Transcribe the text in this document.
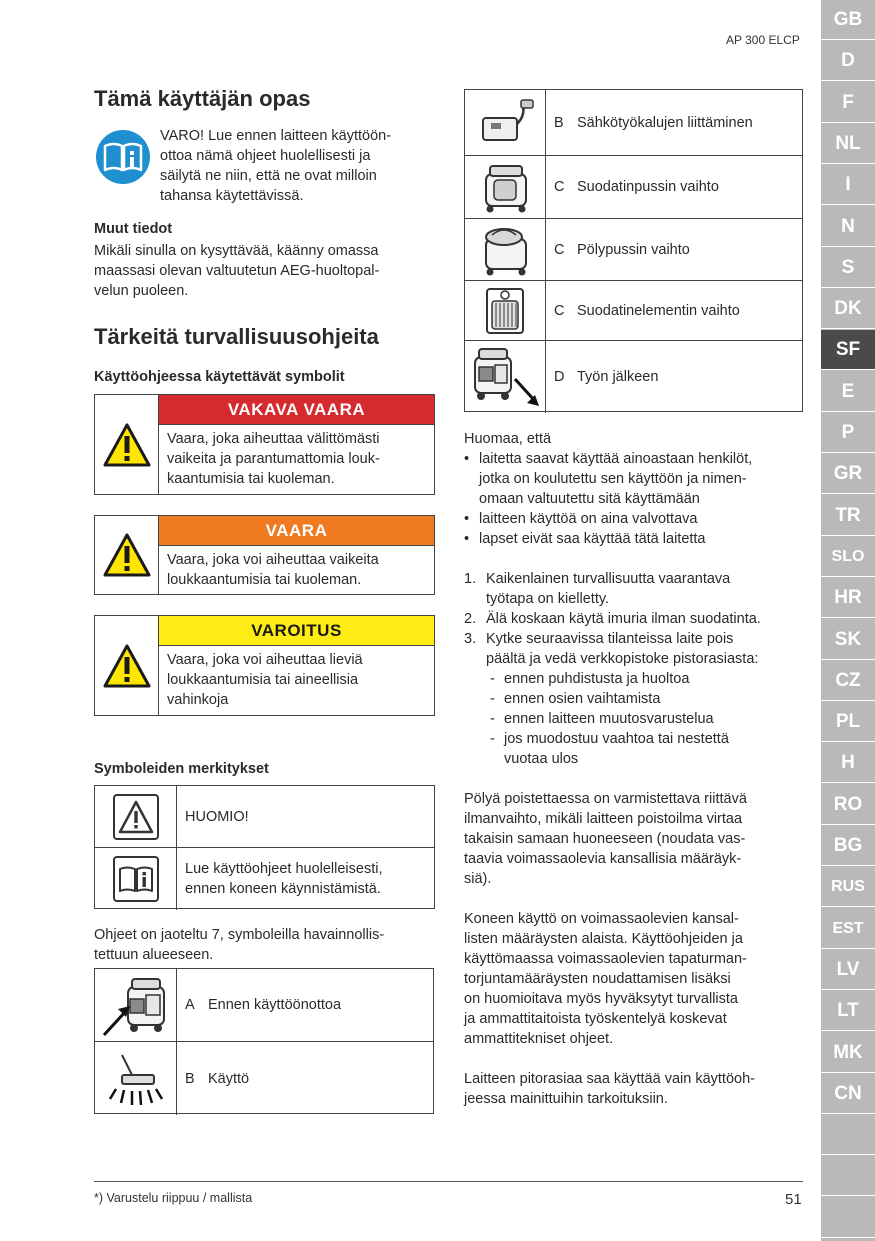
GB
D
F
NL
I
N
S
DK
SF
E
P
GR
TR
SLO
HR
SK
CZ
PL
H
RO
BG
RUS
EST
LV
LT
MK
CN
AP 300 ELCP
Tämä käyttäjän opas
VARO! Lue ennen laitteen käyttöön-
ottoa nämä ohjeet huolellisesti ja
säilytä ne niin, että ne ovat milloin
tahansa käytettävissä.
Muut tiedot
Mikäli sinulla on kysyttävää, käänny omassa
maassasi olevan valtuutetun AEG-huoltopal-
velun puoleen.
Tärkeitä turvallisuusohjeita
Käyttöohjeessa käytettävät symbolit
VAKAVA VAARA
Vaara, joka aiheuttaa välittömästi
vaikeita ja parantumattomia louk-
kaantumisia tai kuoleman.
VAARA
Vaara, joka voi aiheuttaa vaikeita
loukkaantumisia tai kuoleman.
VAROITUS
Vaara, joka voi aiheuttaa lieviä
loukkaantumisia tai aineellisia
vahinkoja
Symboleiden merkitykset
HUOMIO!
Lue käyttöohjeet huolelleisesti,
ennen koneen käynnistämistä.
Ohjeet on jaoteltu 7, symboleilla havainnollis-
tettuun alueeseen.
A Ennen käyttöönottoa
B Käyttö
B Sähkötyökalujen liittäminen
C Suodatinpussin vaihto
C Pölypussin vaihto
C Suodatinelementin vaihto
D Työn jälkeen
Huomaa, että
• laitetta saavat käyttää ainoastaan henkilöt,
jotka on koulutettu sen käyttöön ja nimen-
omaan valtuutettu sitä käyttämään
• laitteen käyttöä on aina valvottava
• lapset eivät saa käyttää tätä laitetta
1. Kaikenlainen turvallisuutta vaarantava
työtapa on kielletty.
2. Älä koskaan käytä imuria ilman suodatinta.
3. Kytke seuraavissa tilanteissa laite pois
päältä ja vedä verkkopistoke pistorasiasta:
- ennen puhdistusta ja huoltoa
- ennen osien vaihtamista
- ennen laitteen muutosvarustelua
- jos muodostuu vaahtoa tai nestettä
vuotaa ulos
Pölyä poistettaessa on varmistettava riittävä
ilmanvaihto, mikäli laitteen poistoilma virtaa
takaisin samaan huoneeseen (noudata vas-
taavia voimassaolevia kansallisia määräyk-
siä).
Koneen käyttö on voimassaolevien kansal-
listen määräysten alaista. Käyttöohjeiden ja
käyttömaassa voimassaolevien tapaturman-
torjuntamääräysten noudattamisen lisäksi
on huomioitava myös hyväksytyt turvallista
ja ammattitaitoista työskentelyä koskevat
ammattitekniset ohjeet.
Laitteen pitorasiaa saa käyttää vain käyttöoh-
jeessa mainittuihin tarkoituksiin.
*) Varustelu riippuu / mallista	51
